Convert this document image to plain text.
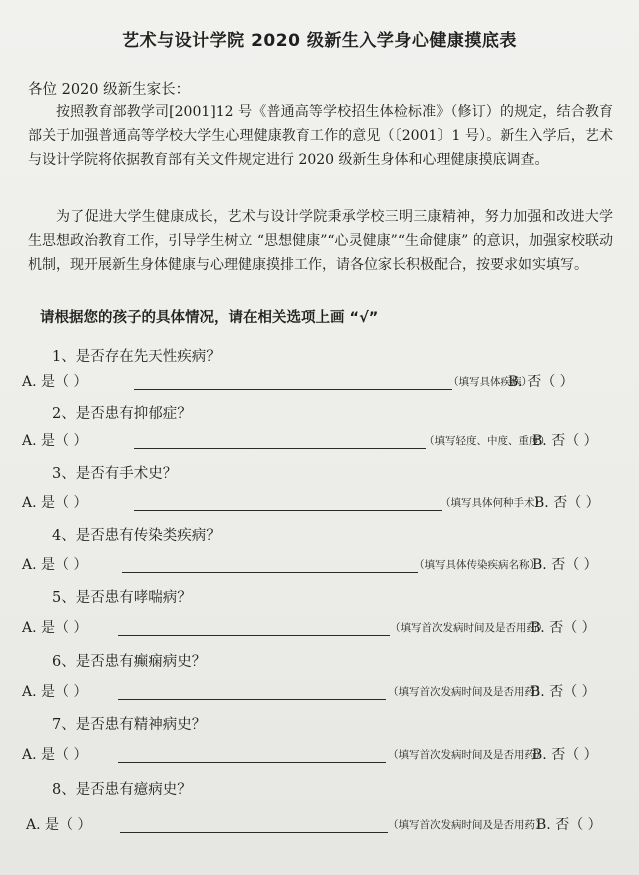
艺术与设计学院 2020 级新生入学身心健康摸底表
各位 2020 级新生家长：
按照教育部教学司[2001]12 号《普通高等学校招生体检标准》（修订）的规定，结合教育部关于加强普通高等学校大学生心理健康教育工作的意见（〔2001〕1 号）。新生入学后，艺术与设计学院将依据教育部有关文件规定进行 2020 级新生身体和心理健康摸底调查。
为了促进大学生健康成长，艺术与设计学院秉承学校三明三康精神，努力加强和改进大学生思想政治教育工作，引导学生树立 “思想健康”“心灵健康”“生命健康” 的意识，加强家校联动机制，现开展新生身体健康与心理健康摸排工作，请各位家长积极配合，按要求如实填写。
请根据您的孩子的具体情况，请在相关选项上画 “√”
1、是否存在先天性疾病？
A. 是（ ）	（填写具体疾病）
B. 否（ ）
2、是否患有抑郁症？
A. 是（ ）	（填写轻度、中度、重度）
B. 否（ ）
3、是否有手术史？
A. 是（ ）	（填写具体何种手术）
B. 否（ ）
4、是否患有传染类疾病？
A. 是（ ）	（填写具体传染疾病名称）
B. 否（ ）
5、是否患有哮喘病？
A. 是（ ）	（填写首次发病时间及是否用药）
B. 否（ ）
6、是否患有癫痫病史？
A. 是（ ）	（填写首次发病时间及是否用药）
B. 否（ ）
7、是否患有精神病史？
A. 是（ ）	（填写首次发病时间及是否用药）
B. 否（ ）
8、是否患有癔病史？
A. 是（ ）	（填写首次发病时间及是否用药）
B. 否（ ）
